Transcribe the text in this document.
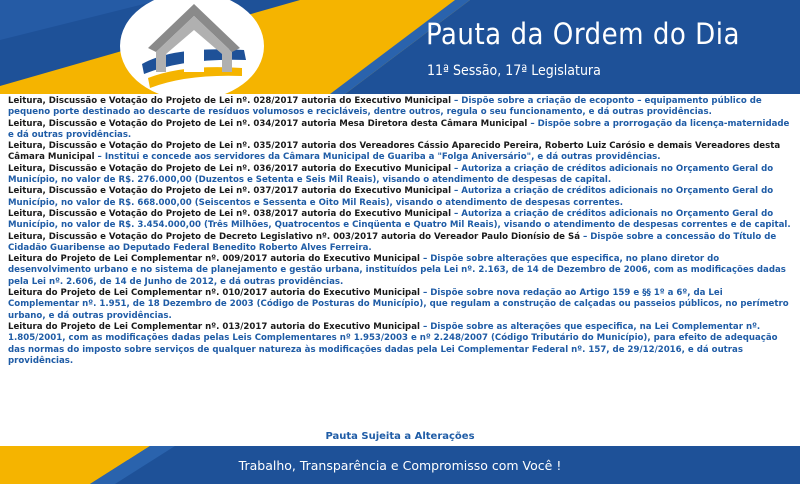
Pauta da Ordem do Dia
11ª Sessão, 17ª Legislatura

Leitura, Discussão e Votação do Projeto de Lei nº. 028/2017 autoria do Executivo Municipal – Dispõe sobre a criação de ecoponto – equipamento público de pequeno porte destinado ao descarte de resíduos volumosos e recicláveis, dentre outros, regula o seu funcionamento, e dá outras providências.

Leitura, Discussão e Votação do Projeto de Lei nº. 034/2017 autoria Mesa Diretora desta Câmara Municipal – Dispõe sobre a prorrogação da licença-maternidade e dá outras providências.

Leitura, Discussão e Votação do Projeto de Lei nº. 035/2017 autoria dos Vereadores Cássio Aparecido Pereira, Roberto Luiz Carósio e demais Vereadores desta Câmara Municipal – Institui e concede aos servidores da Câmara Municipal de Guariba a "Folga Aniversário", e dá outras providências.

Leitura, Discussão e Votação do Projeto de Lei nº. 036/2017 autoria do Executivo Municipal – Autoriza a criação de créditos adicionais no Orçamento Geral do Município, no valor de R$. 276.000,00 (Duzentos e Setenta e Seis Mil Reais), visando o atendimento de despesas de capital.

Leitura, Discussão e Votação do Projeto de Lei nº. 037/2017 autoria do Executivo Municipal – Autoriza a criação de créditos adicionais no Orçamento Geral do Município, no valor de R$. 668.000,00 (Seiscentos e Sessenta e Oito Mil Reais), visando o atendimento de despesas correntes.

Leitura, Discussão e Votação do Projeto de Lei nº. 038/2017 autoria do Executivo Municipal – Autoriza a criação de créditos adicionais no Orçamento Geral do Município, no valor de R$. 3.454.000,00 (Três Milhões, Quatrocentos e Cinqüenta e Quatro Mil Reais), visando o atendimento de despesas correntes e de capital.

Leitura, Discussão e Votação do Projeto de Decreto Legislativo nº. 003/2017 autoria do Vereador Paulo Dionísio de Sá – Dispõe sobre a concessão do Título de Cidadão Guaribense ao Deputado Federal Benedito Roberto Alves Ferreira.

Leitura do Projeto de Lei Complementar nº. 009/2017 autoria do Executivo Municipal – Dispõe sobre alterações que especifica, no plano diretor do desenvolvimento urbano e no sistema de planejamento e gestão urbana, instituídos pela Lei nº. 2.163, de 14 de Dezembro de 2006, com as modificações dadas pela Lei nº. 2.606, de 14 de Junho de 2012, e dá outras providências.

Leitura do Projeto de Lei Complementar nº. 010/2017 autoria do Executivo Municipal – Dispõe sobre nova redação ao Artigo 159 e §§ 1º a 6º, da Lei Complementar nº. 1.951, de 18 Dezembro de 2003 (Código de Posturas do Município), que regulam a construção de calçadas ou passeios públicos, no perímetro urbano, e dá outras providências.

Leitura do Projeto de Lei Complementar nº. 013/2017 autoria do Executivo Municipal – Dispõe sobre as alterações que especifica, na Lei Complementar nº. 1.805/2001, com as modificações dadas pelas Leis Complementares nº 1.953/2003 e nº 2.248/2007 (Código Tributário do Município), para efeito de adequação das normas do imposto sobre serviços de qualquer natureza às modificações dadas pela Lei Complementar Federal nº. 157, de 29/12/2016, e dá outras providências.

Pauta Sujeita a Alterações
Trabalho, Transparência e Compromisso com Você !
